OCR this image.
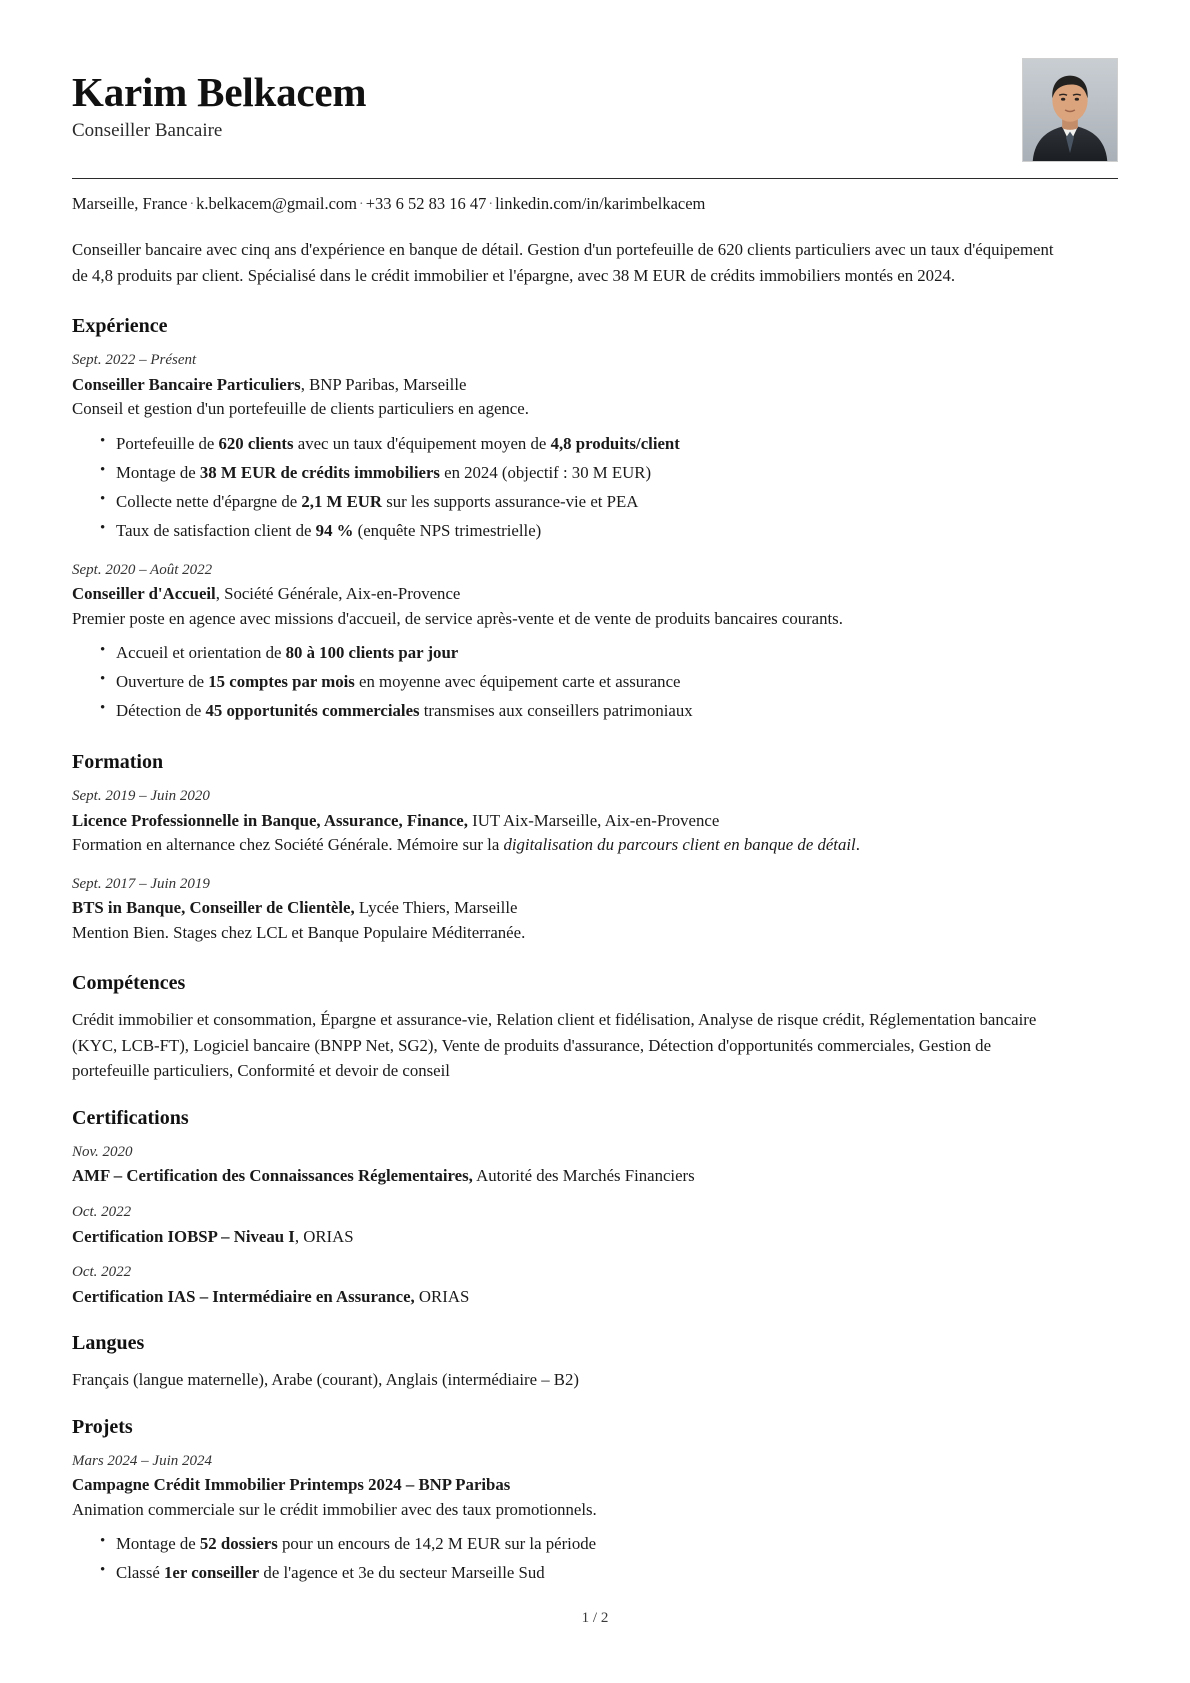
Karim Belkacem
Conseiller Bancaire
Marseille, France · k.belkacem@gmail.com · +33 6 52 83 16 47 · linkedin.com/in/karimbelkacem
Conseiller bancaire avec cinq ans d'expérience en banque de détail. Gestion d'un portefeuille de 620 clients particuliers avec un taux d'équipement de 4,8 produits par client. Spécialisé dans le crédit immobilier et l'épargne, avec 38 M EUR de crédits immobiliers montés en 2024.
Expérience
Sept. 2022 – Présent
Conseiller Bancaire Particuliers, BNP Paribas, Marseille
Conseil et gestion d'un portefeuille de clients particuliers en agence.
• Portefeuille de 620 clients avec un taux d'équipement moyen de 4,8 produits/client
• Montage de 38 M EUR de crédits immobiliers en 2024 (objectif : 30 M EUR)
• Collecte nette d'épargne de 2,1 M EUR sur les supports assurance-vie et PEA
• Taux de satisfaction client de 94 % (enquête NPS trimestrielle)
Sept. 2020 – Août 2022
Conseiller d'Accueil, Société Générale, Aix-en-Provence
Premier poste en agence avec missions d'accueil, de service après-vente et de vente de produits bancaires courants.
• Accueil et orientation de 80 à 100 clients par jour
• Ouverture de 15 comptes par mois en moyenne avec équipement carte et assurance
• Détection de 45 opportunités commerciales transmises aux conseillers patrimoniaux
Formation
Sept. 2019 – Juin 2020
Licence Professionnelle in Banque, Assurance, Finance, IUT Aix-Marseille, Aix-en-Provence
Formation en alternance chez Société Générale. Mémoire sur la digitalisation du parcours client en banque de détail.
Sept. 2017 – Juin 2019
BTS in Banque, Conseiller de Clientèle, Lycée Thiers, Marseille
Mention Bien. Stages chez LCL et Banque Populaire Méditerranée.
Compétences
Crédit immobilier et consommation, Épargne et assurance-vie, Relation client et fidélisation, Analyse de risque crédit, Réglementation bancaire (KYC, LCB-FT), Logiciel bancaire (BNPP Net, SG2), Vente de produits d'assurance, Détection d'opportunités commerciales, Gestion de portefeuille particuliers, Conformité et devoir de conseil
Certifications
Nov. 2020
AMF – Certification des Connaissances Réglementaires, Autorité des Marchés Financiers
Oct. 2022
Certification IOBSP – Niveau I, ORIAS
Oct. 2022
Certification IAS – Intermédiaire en Assurance, ORIAS
Langues
Français (langue maternelle), Arabe (courant), Anglais (intermédiaire – B2)
Projets
Mars 2024 – Juin 2024
Campagne Crédit Immobilier Printemps 2024 – BNP Paribas
Animation commerciale sur le crédit immobilier avec des taux promotionnels.
• Montage de 52 dossiers pour un encours de 14,2 M EUR sur la période
• Classé 1er conseiller de l'agence et 3e du secteur Marseille Sud
1 / 2
